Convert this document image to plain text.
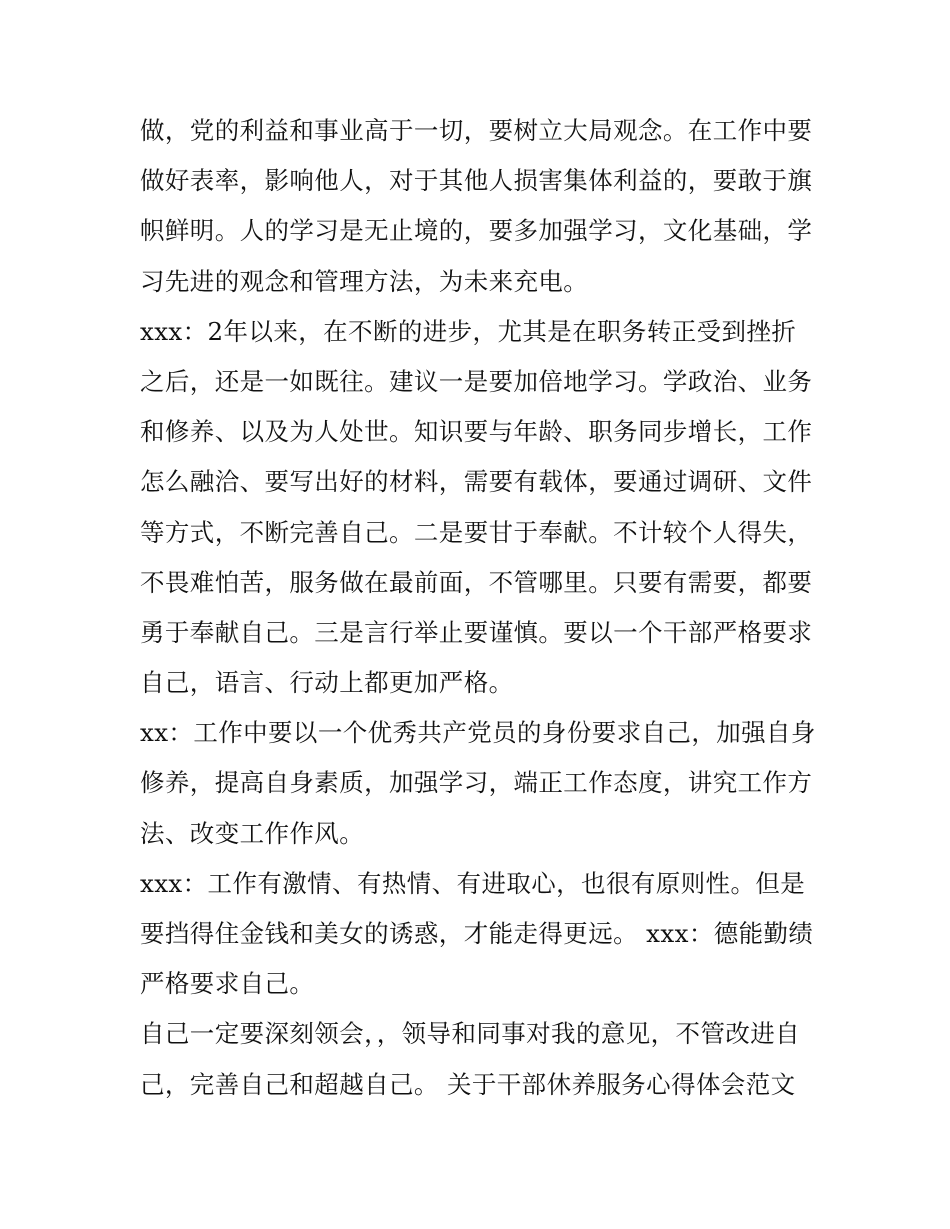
做，党的利益和事业高于一切，要树立大局观念。在工作中要
做好表率，影响他人，对于其他人损害集体利益的，要敢于旗
帜鲜明。人的学习是无止境的，要多加强学习，文化基础，学
习先进的观念和管理方法，为未来充电。
xxx：2年以来，在不断的进步，尤其是在职务转正受到挫折
之后，还是一如既往。建议一是要加倍地学习。学政治、业务
和修养、以及为人处世。知识要与年龄、职务同步增长，工作
怎么融洽、要写出好的材料，需要有载体，要通过调研、文件
等方式，不断完善自己。二是要甘于奉献。不计较个人得失，
不畏难怕苦，服务做在最前面，不管哪里。只要有需要，都要
勇于奉献自己。三是言行举止要谨慎。要以一个干部严格要求
自己，语言、行动上都更加严格。
xx：工作中要以一个优秀共产党员的身份要求自己，加强自身
修养，提高自身素质，加强学习，端正工作态度，讲究工作方
法、改变工作作风。
xxx：工作有激情、有热情、有进取心，也很有原则性。但是
要挡得住金钱和美女的诱惑，才能走得更远。 xxx：德能勤绩
严格要求自己。
自己一定要深刻领会，，领导和同事对我的意见，不管改进自
己，完善自己和超越自己。 关于干部休养服务心得体会范文
